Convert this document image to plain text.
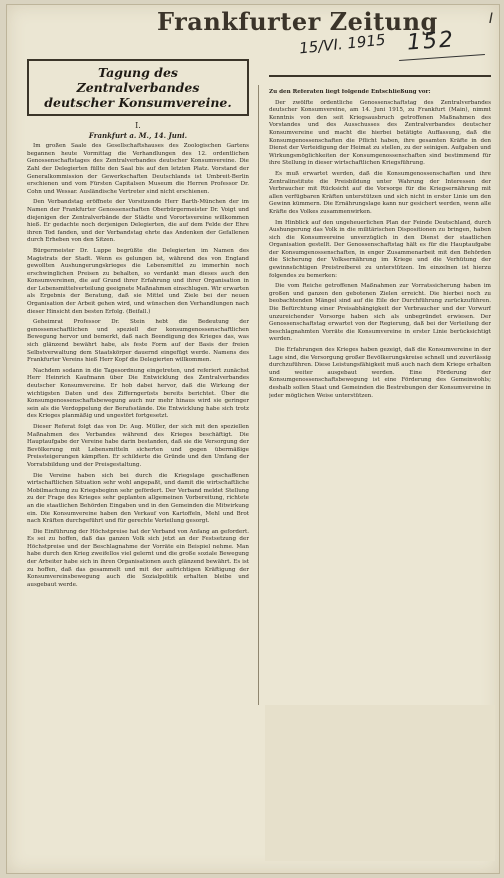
Frankfurter Zeitung	I
15/VI. 1915 152
Tagung des Zentralverbandes
deutscher Konsumvereine.
I.
Frankfurt a. M., 14. Juni.

Im großen Saale des Gesellschaftshauses des Zoologischen Gartens begannen heute Vormittag die Verhandlungen des 12. ordentlichen Genossenschaftstages des Zentralverbandes deutscher Konsumvereine. Die Zahl der Delegierten füllte den Saal bis auf den letzten Platz. Vorstand der Generalkommission der Gewerkschaften Deutschlands ist Umbreit-Berlin erschienen und vom Fürsten Capitalsen Museum die Herren Professor Dr. Cohn und Wessar. Ausländische Vertreter sind nicht erschienen.

Den Verbandstag eröffnete der Vorsitzende Herr Barth-München der im Namen der Frankfurter Genossenschaften Oberbürgermeister Dr. Voigt und diejenigen der Zentralverbände der Städte und Vorortsvereine willkommen hieß. Er gedachte noch derjenigen Delegierten, die auf dem Felde der Ehre ihren Tod fanden, und der Verbandstag ehrte das Andenken der Gefallenen durch Erheben von den Sitzen.

Bürgermeister Dr. Luppe begrüßte die Delegierten im Namen des Magistrats der Stadt. Wenn es gelungen ist, während des von England gewollten Aushungerungskrieges die Lebensmittel zu immerhin noch erschwinglichen Preisen zu behalten, so verdankt man dieses auch den Konsumvereinen, die auf Grund ihrer Erfahrung und ihrer Organisation in der Lebensmittelverteilung geeignete Maßnahmen einschlugen. Wir erwarten als Ergebnis der Beratung, daß sie Mittel und Ziele bei der neuen Organisation der Arbeit gehen wird, und wünschen den Verhandlungen nach dieser Hinsicht den besten Erfolg. (Beifall.)

Geheimrat Professor Dr. Stein hebt die Bedeutung der genossenschaftlichen und speziell der konsumgenossenschaftlichen Bewegung hervor und bemerkt, daß nach Beendigung des Krieges das, was sich glänzend bewährt habe, als feste Form auf der Basis der freien Selbstverwaltung dem Staatskörper dauernd eingefügt werde. Namens des Frankfurter Vereins hieß Herr Kopf die Delegierten willkommen.

Nachdem sodann in die Tagesordnung eingetreten, und referiert zunächst Herr Heinrich Kaufmann über Die Entwicklung des Zentralverbandes deutscher Konsumvereine. Er hob dabei hervor, daß die Wirkung der wichtigsten Daten und des Zifferngerüsts bereits berichtet. Über die Konsumgenossenschaftsbewegung auch nur mehr hinaus wird sie geringer sein als die Verdoppelung der Berufsstände. Die Entwicklung habe sich trotz des Krieges planmäßig und ungestört fortgesetzt.

Dieser Referat folgt das von Dr. Aug. Müller, der sich mit den speziellen Maßnahmen des Verbandes während des Krieges beschäftigt. Die Hauptaufgabe der Vereine habe darin bestanden, daß sie die Versorgung der Bevölkerung mit Lebensmitteln sicherten und gegen übermäßige Preissteigerungen kämpften. Er schilderte die Gründe und den Umfang der Vorratsbildung und der Preisgestaltung.

Die Vereine haben sich bei durch die Kriegslage geschaffenen wirtschaftlichen Situation sehr wohl angepaßt, und damit die wirtschaftliche Mobilmachung zu Kriegsbeginn sehr gefördert. Der Verband meldet Stellung zu der Frage des Krieges sehr geplanten allgemeinen Vorbereitung, richtete an die staatlichen Behörden Eingaben und in den Gemeinden die Mitwirkung ein. Die Konsumvereine haben den Verkauf von Kartoffeln, Mehl und Brot nach Kräften durchgeführt und für gerechte Verteilung gesorgt.

Die Einführung der Höchstpreise hat der Verband von Anfang an gefordert. Es sei zu hoffen, daß das ganzen Volk sich jetzt an der Festsetzung der Höchstpreise und der Beschlagnahme der Vorräte ein Beispiel nehme. Man habe durch den Krieg zweifellos viel gelernt und die große soziale Bewegung der Arbeiter habe sich in ihren Organisationen auch glänzend bewährt. Es ist zu hoffen, daß das gesammelt und mit der aufrichtigen Kräftigung der Konsumvereinsbewegung auch die Sozialpolitik erhalten bleibe und ausgebaut werde.

Zu den Referaten liegt folgende Entschließung vor:

Der zwölfte ordentliche Genossenschaftstag des Zentralverbandes deutscher Konsumvereine, am 14. Juni 1915, zu Frankfurt (Main), nimmt Kenntnis von den seit Kriegsausbruch getroffenen Maßnahmen des Vorstandes und des Ausschusses des Zentralverbandes deutscher Konsumvereine und macht die hierbei betätigte Auffassung, daß die Konsumgenossenschaften die Pflicht haben, ihre gesamten Kräfte in den Dienst der Verteidigung der Heimat zu stellen, zu der seinigen. Aufgaben und Wirkungsmöglichkeiten der Konsumgenossenschaften sind bestimmend für ihre Stellung in dieser wirtschaftlichen Kriegsführung.

Es muß erwartet werden, daß die Konsumgenossenschaften und ihre Zentralinstitute die Preisbildung unter Wahrung der Interessen der Verbraucher mit Rücksicht auf die Vorsorge für die Kriegsernährung mit allen verfügbaren Kräften unterstützen und sich nicht in erster Linie um den Gewinn kümmern. Die Ernährungslage kann nur gesichert werden, wenn alle Kräfte des Volkes zusammenwirken.

Im Hinblick auf den ungeheuerlichen Plan der Feinde Deutschland, durch Aushungerung das Volk in die militärischen Dispositionen zu bringen, haben sich die Konsumvereine unverzüglich in den Dienst der staatlichen Organisation gestellt. Der Genossenschaftstag hält es für die Hauptaufgabe der Konsumgenossenschaften, in enger Zusammenarbeit mit den Behörden die Sicherung der Volksernährung im Kriege und die Verhütung der gewinnsüchtigen Preistreiberei zu unterstützen. Im einzelnen ist hierzu folgendes zu bemerken:

Die vom Reiche getroffenen Maßnahmen zur Vorratssicherung haben im großen und ganzen den gebotenen Zielen erreicht. Die hierbei noch zu beobachtenden Mängel sind auf die Eile der Durchführung zurückzuführen. Die Befürchtung einer Preisabhängigkeit der Verbraucher und der Vorwurf unzureichender Vorsorge haben sich als unbegründet erwiesen. Der Genossenschaftstag erwartet von der Regierung, daß bei der Verteilung der beschlagnahmten Vorräte die Konsumvereine in erster Linie berücksichtigt werden.

Die Erfahrungen des Krieges haben gezeigt, daß die Konsumvereine in der Lage sind, die Versorgung großer Bevölkerungskreise schnell und zuverlässig durchzuführen. Diese Leistungsfähigkeit muß auch nach dem Kriege erhalten und weiter ausgebaut werden. Eine Förderung der Konsumgenossenschaftsbewegung ist eine Förderung des Gemeinwohls; deshalb sollen Staat und Gemeinden die Bestrebungen der Konsumvereine in jeder möglichen Weise unterstützen.
